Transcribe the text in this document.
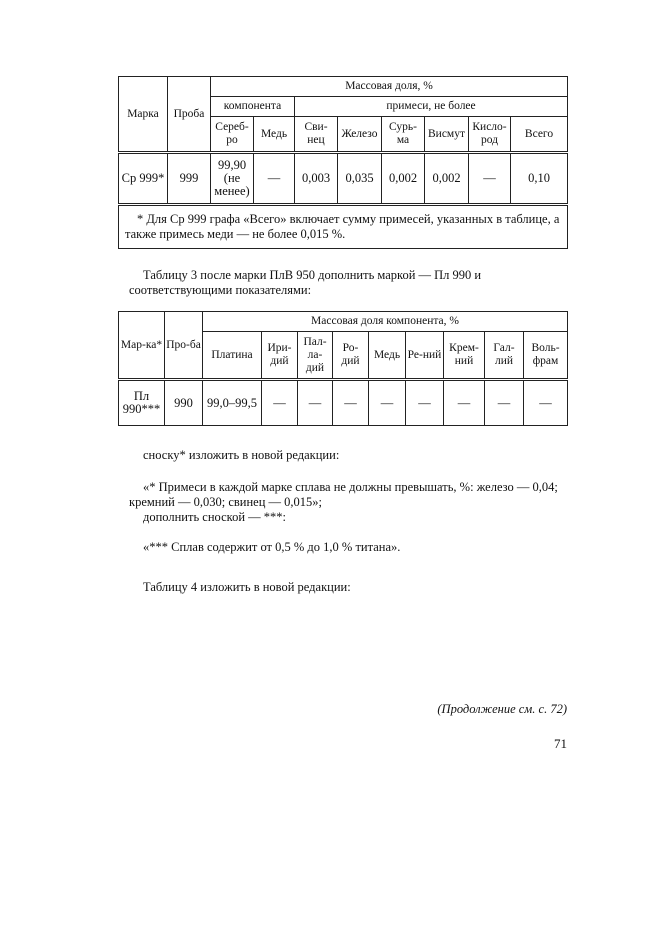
Марка	Проба	Массовая доля, %							
		компонента		примеси, не более					
		Сереб-ро	Медь	Сви-нец	Железо	Сурь-ма	Висмут	Кисло-род	Всего
Ср 999*	999	99,90 (не менее)	—	0,003	0,035	0,002	0,002	—	0,10

* Для Ср 999 графа «Всего» включает сумму примесей, указанных в таблице, а также примесь меди — не более 0,015 %.									
Таблицу 3 после марки ПлВ 950 дополнить маркой — Пл 990 и соответствующими показателями:
Мар-ка*	Про-ба	Массовая доля компонента, %								
		Платина	Ири-дий	Пал-ла-дий	Ро-дий	Медь	Ре-ний	Крем-ний	Гал-лий	Воль-фрам
Пл 990***	990	99,0–99,5	—	—	—	—	—	—	—	—
сноску* изложить в новой редакции:
«* Примеси в каждой марке сплава не должны превышать, %: железо — 0,04; кремний — 0,030; свинец — 0,015»;
дополнить сноской — ***:
«*** Сплав содержит от 0,5 % до 1,0 % титана».
Таблицу 4 изложить в новой редакции:
(Продолжение см. с. 72)
71
